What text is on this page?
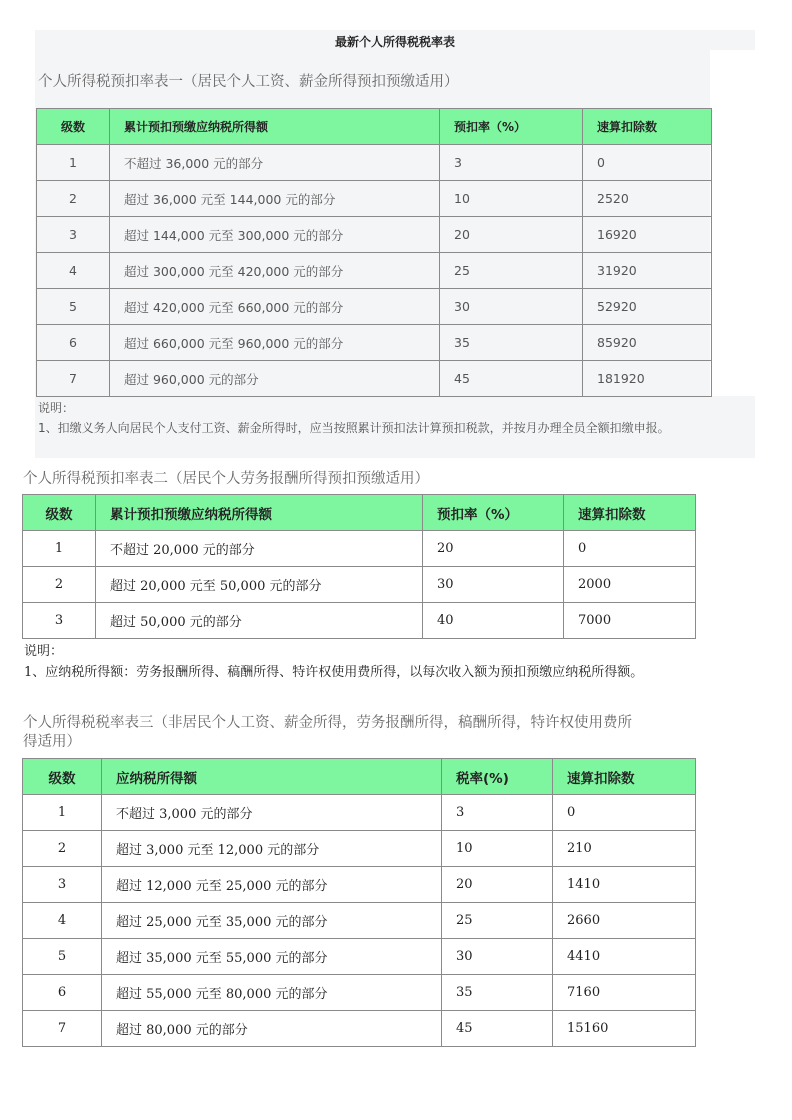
最新个人所得税税率表
个人所得税预扣率表一（居民个人工资、薪金所得预扣预缴适用）
级数	累计预扣预缴应纳税所得额	预扣率（%）	速算扣除数
1	不超过 36,000 元的部分	3	0
2	超过 36,000 元至 144,000 元的部分	10	2520
3	超过 144,000 元至 300,000 元的部分	20	16920
4	超过 300,000 元至 420,000 元的部分	25	31920
5	超过 420,000 元至 660,000 元的部分	30	52920
6	超过 660,000 元至 960,000 元的部分	35	85920
7	超过 960,000 元的部分	45	181920
说明：
1、扣缴义务人向居民个人支付工资、薪金所得时，应当按照累计预扣法计算预扣税款，并按月办理全员全额扣缴申报。
个人所得税预扣率表二（居民个人劳务报酬所得预扣预缴适用）
级数	累计预扣预缴应纳税所得额	预扣率（%）	速算扣除数
1	不超过 20,000 元的部分	20	0
2	超过 20,000 元至 50,000 元的部分	30	2000
3	超过 50,000 元的部分	40	7000
说明：
1、应纳税所得额：劳务报酬所得、稿酬所得、特许权使用费所得，以每次收入额为预扣预缴应纳税所得额。
个人所得税税率表三（非居民个人工资、薪金所得，劳务报酬所得，稿酬所得，特许权使用费所
得适用）
级数	应纳税所得额	税率(%)	速算扣除数
1	不超过 3,000 元的部分	3	0
2	超过 3,000 元至 12,000 元的部分	10	210
3	超过 12,000 元至 25,000 元的部分	20	1410
4	超过 25,000 元至 35,000 元的部分	25	2660
5	超过 35,000 元至 55,000 元的部分	30	4410
6	超过 55,000 元至 80,000 元的部分	35	7160
7	超过 80,000 元的部分	45	15160
